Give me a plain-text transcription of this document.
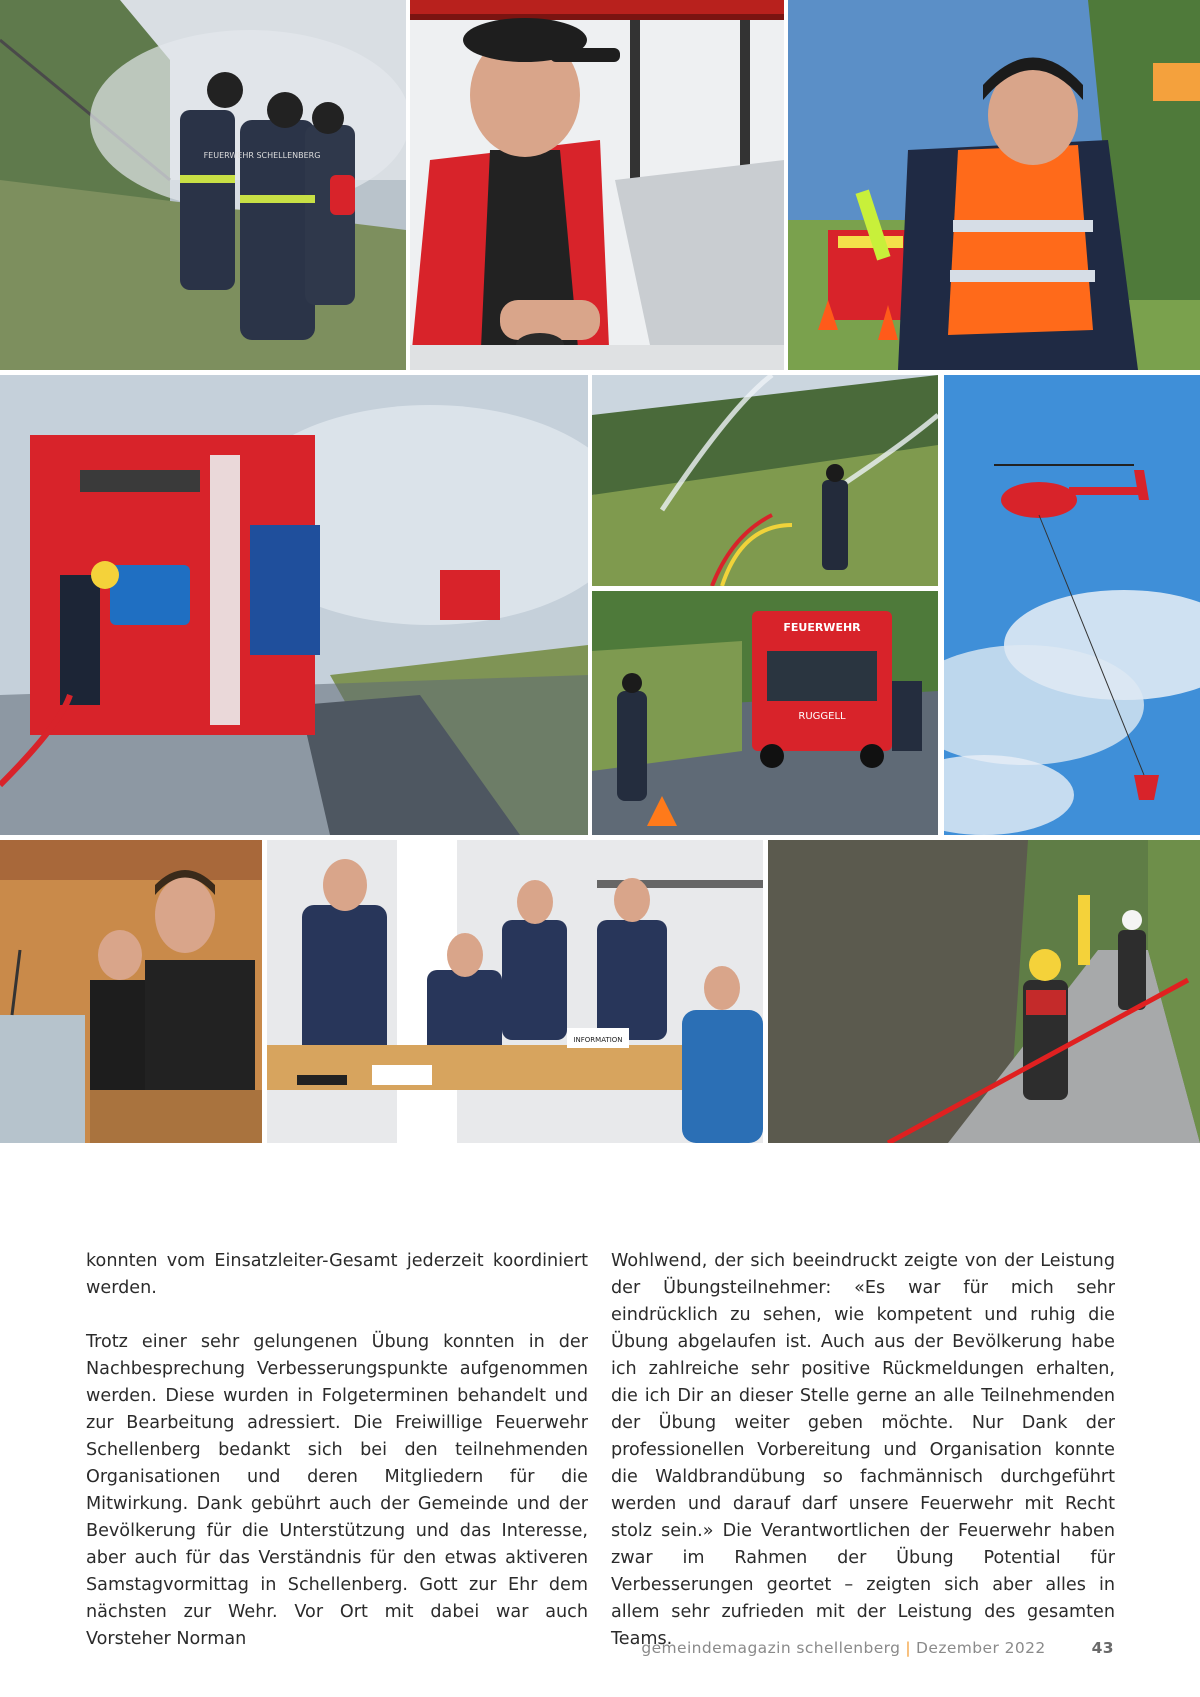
FEUERWEHR SCHELLENBERG
FEUERWEHR
RUGGELL
INFORMATION

konnten vom Einsatzleiter-Gesamt jederzeit koordiniert werden.

Trotz einer sehr gelungenen Übung konnten in der Nachbesprechung Verbesserungspunkte aufgenommen werden. Diese wurden in Folgeterminen behandelt und zur Bearbeitung adressiert. Die Freiwillige Feuerwehr Schellenberg bedankt sich bei den teilnehmenden Organisationen und deren Mitgliedern für die Mitwirkung. Dank gebührt auch der Gemeinde und der Bevölkerung für die Unterstützung und das Interesse, aber auch für das Verständnis für den etwas aktiveren Samstagvormittag in Schellenberg. Gott zur Ehr dem nächsten zur Wehr. Vor Ort mit dabei war auch Vorsteher Norman

Wohlwend, der sich beeindruckt zeigte von der Leistung der Übungsteilnehmer: «Es war für mich sehr eindrücklich zu sehen, wie kompetent und ruhig die Übung abgelaufen ist. Auch aus der Bevölkerung habe ich zahlreiche sehr positive Rückmeldungen erhalten, die ich Dir an dieser Stelle gerne an alle Teilnehmenden der Übung weiter geben möchte. Nur Dank der professionellen Vorbereitung und Organisation konnte die Waldbrandübung so fachmännisch durchgeführt werden und darauf darf unsere Feuerwehr mit Recht stolz sein.» Die Verantwortlichen der Feuerwehr haben zwar im Rahmen der Übung Potential für Verbesserungen geortet – zeigten sich aber alles in allem sehr zufrieden mit der Leistung des gesamten Teams.

gemeindemagazin schellenberg | Dezember 2022	43
